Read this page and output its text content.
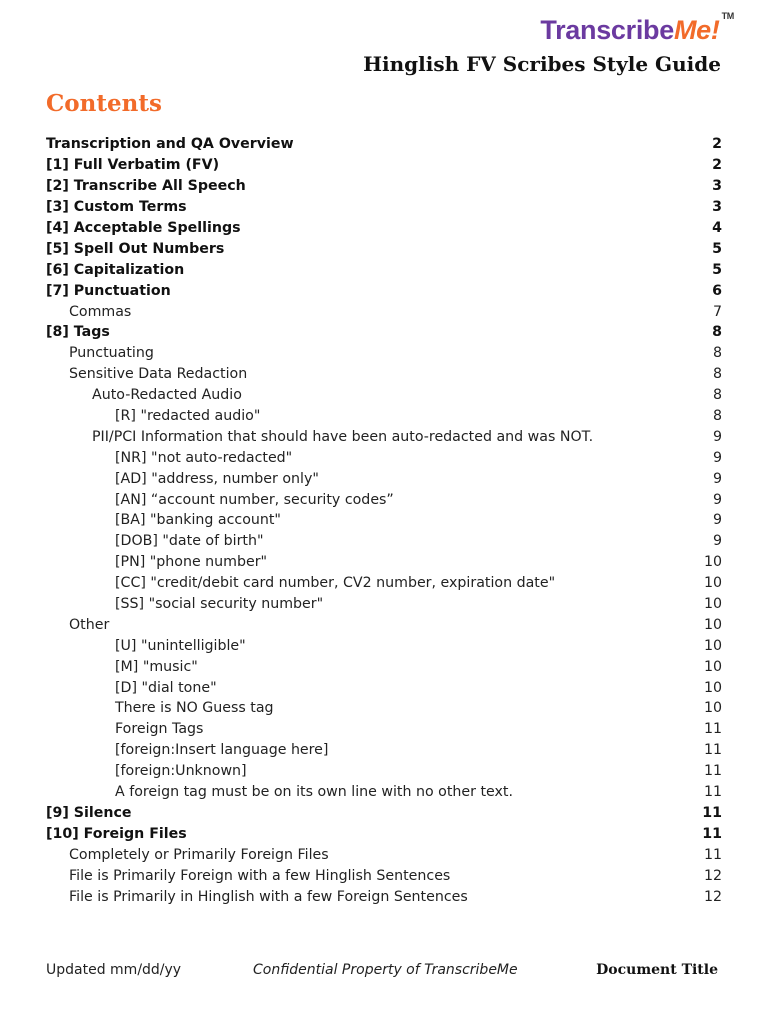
Transcribe Me ! TM
Hinglish FV Scribes Style Guide
Contents
Transcription and QA Overview	2
[1] Full Verbatim (FV)	2
[2] Transcribe All Speech	3
[3] Custom Terms	3
[4] Acceptable Spellings	4
[5] Spell Out Numbers	5
[6] Capitalization	5
[7] Punctuation	6
Commas	7
[8] Tags	8
Punctuating	8
Sensitive Data Redaction	8
Auto-Redacted Audio	8
[R] "redacted audio"	8
PII/PCI Information that should have been auto-redacted and was NOT.	9
[NR] "not auto-redacted"	9
[AD] "address, number only"	9
[AN] “account number, security codes”	9
[BA] "banking account"	9
[DOB] "date of birth"	9
[PN] "phone number"	10
[CC] "credit/debit card number, CV2 number, expiration date"	10
[SS] "social security number"	10
Other	10
[U] "unintelligible"	10
[M] "music"	10
[D] "dial tone"	10
There is NO Guess tag	10
Foreign Tags	11
[foreign:Insert language here]	11
[foreign:Unknown]	11
A foreign tag must be on its own line with no other text.	11
[9] Silence	11
[10] Foreign Files	11
Completely or Primarily Foreign Files	11
File is Primarily Foreign with a few Hinglish Sentences	12
File is Primarily in Hinglish with a few Foreign Sentences	12
Updated mm/dd/yy	Confidential Property of TranscribeMe	Document Title
